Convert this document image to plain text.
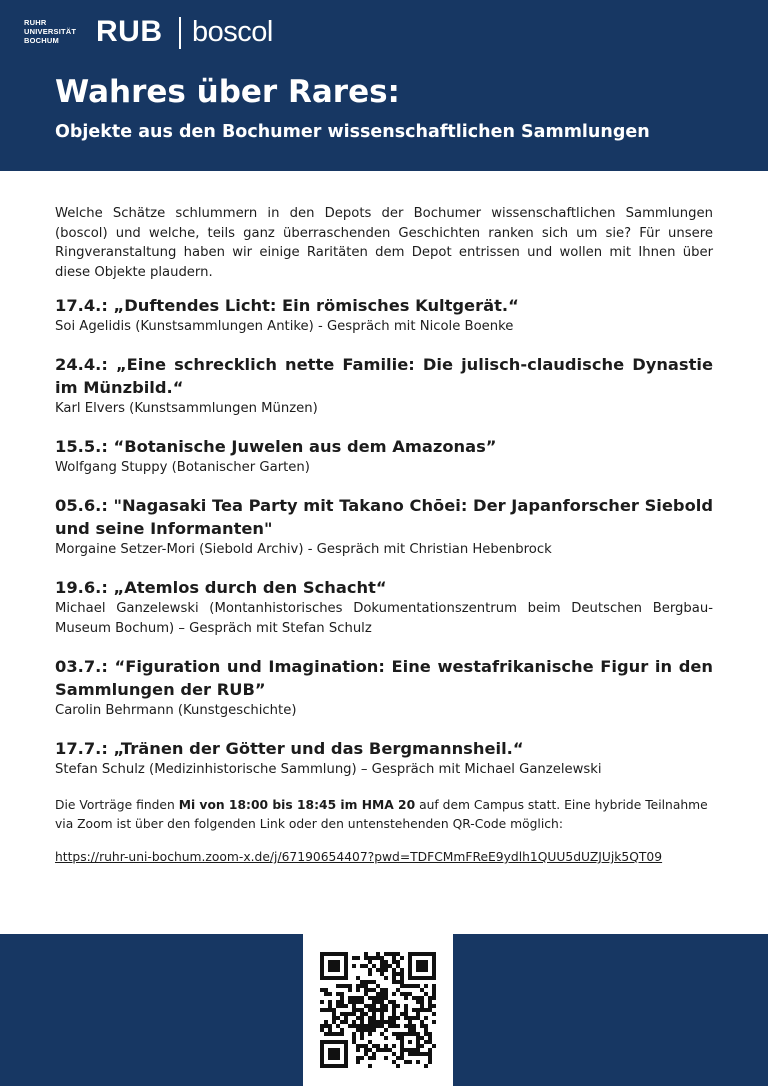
RUHR
UNIVERSITÄT
BOCHUM	RUB boscol
Wahres über Rares:
Objekte aus den Bochumer wissenschaftlichen Sammlungen

Welche Schätze schlummern in den Depots der Bochumer wissenschaftlichen Sammlungen (boscol) und welche, teils ganz überraschenden Geschichten ranken sich um sie? Für unsere Ringveranstaltung haben wir einige Raritäten dem Depot entrissen und wollen mit Ihnen über diese Objekte plaudern.

17.4.: „Duftendes Licht: Ein römisches Kultgerät.“
Soi Agelidis (Kunstsammlungen Antike) - Gespräch mit Nicole Boenke
24.4.: „Eine schrecklich nette Familie: Die julisch-claudische Dynastie im Münzbild.“
Karl Elvers (Kunstsammlungen Münzen)
15.5.: “Botanische Juwelen aus dem Amazonas”
Wolfgang Stuppy (Botanischer Garten)
05.6.: "Nagasaki Tea Party mit Takano Chōei: Der Japanforscher Siebold und seine Informanten"
Morgaine Setzer-Mori (Siebold Archiv) - Gespräch mit Christian Hebenbrock
19.6.: „Atemlos durch den Schacht“
Michael Ganzelewski (Montanhistorisches Dokumentationszentrum beim Deutschen Bergbau-Museum Bochum) – Gespräch mit Stefan Schulz
03.7.: “Figuration und Imagination: Eine westafrikanische Figur in den Sammlungen der RUB”
Carolin Behrmann (Kunstgeschichte)
17.7.: „Tränen der Götter und das Bergmannsheil.“
Stefan Schulz (Medizinhistorische Sammlung) – Gespräch mit Michael Ganzelewski

Die Vorträge finden Mi von 18:00 bis 18:45 im HMA 20 auf dem Campus statt. Eine hybride Teilnahme via Zoom ist über den folgenden Link oder den untenstehenden QR-Code möglich:

https://ruhr-uni-bochum.zoom-x.de/j/67190654407?pwd=TDFCMmFReE9ydlh1QUU5dUZJUjk5QT09
